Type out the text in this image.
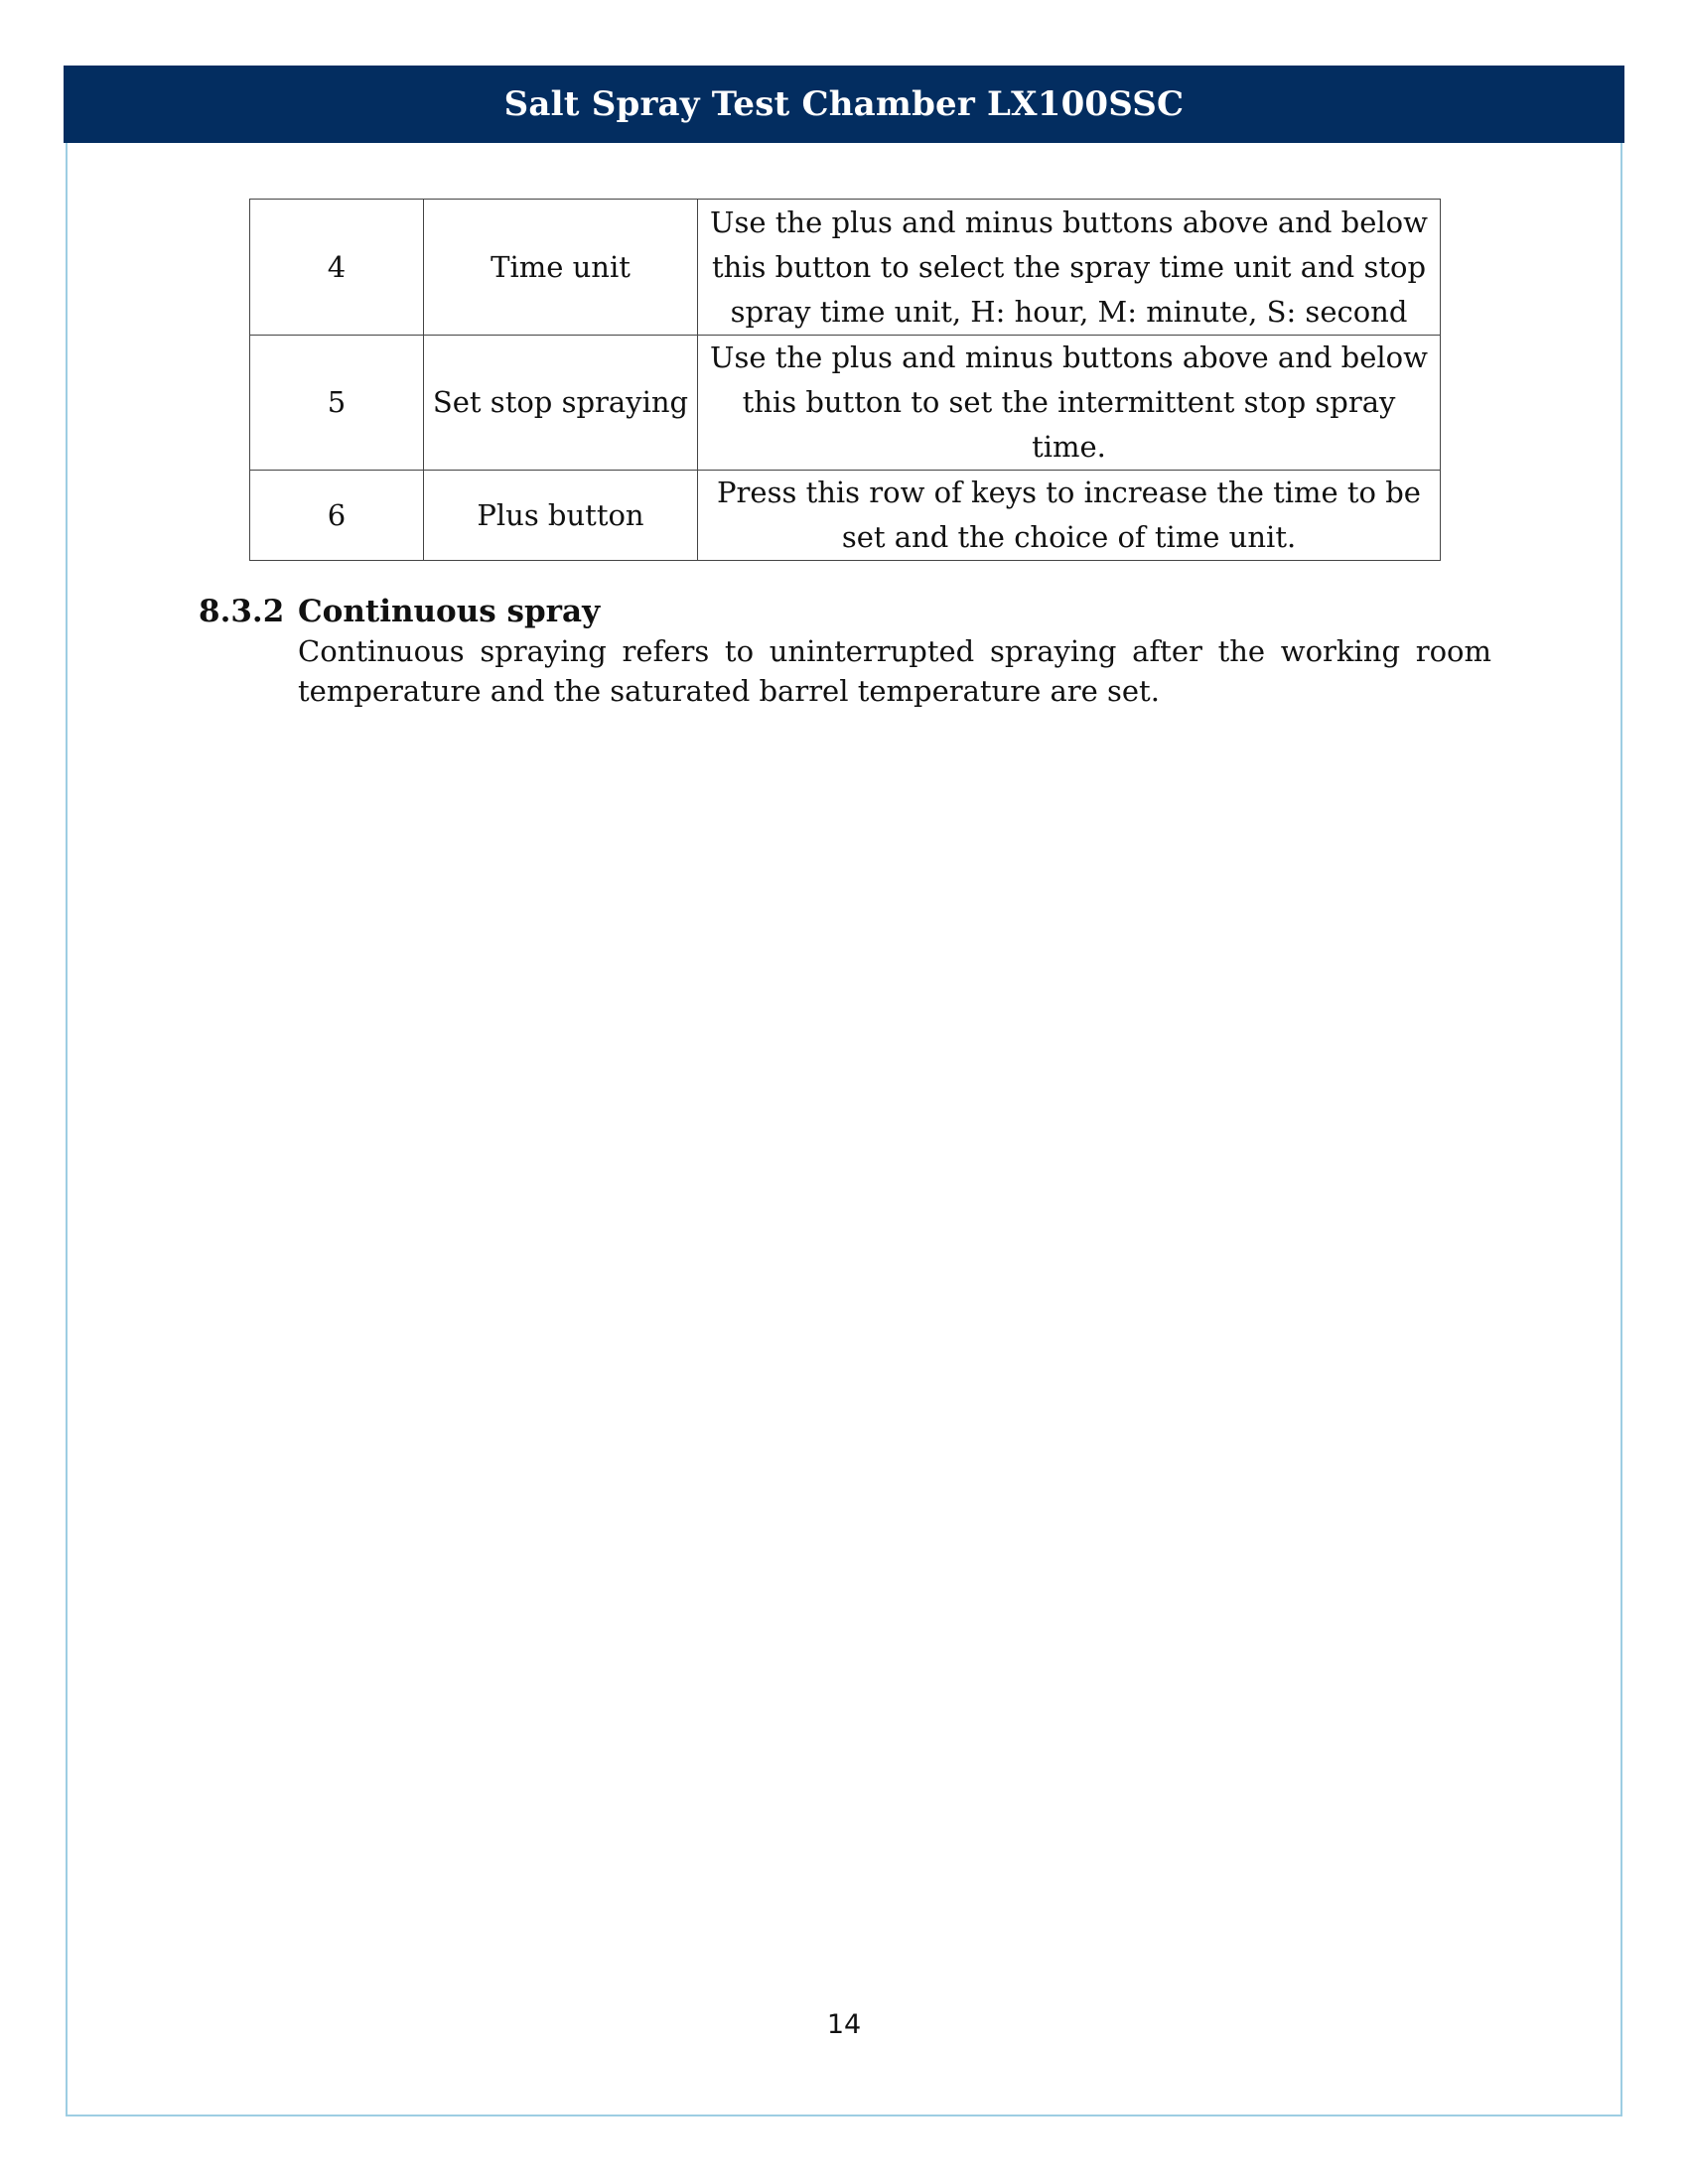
Salt Spray Test Chamber LX100SSC
4	Time unit	Use the plus and minus buttons above and below this button to select the spray time unit and stop spray time unit, H: hour, M: minute, S: second
5	Set stop spraying	Use the plus and minus buttons above and below this button to set the intermittent stop spray time.
6	Plus button	Press this row of keys to increase the time to be set and the choice of time unit.
8.3.2 Continuous spray
Continuous spraying refers to uninterrupted spraying after the working room temperature and the saturated barrel temperature are set.
14
